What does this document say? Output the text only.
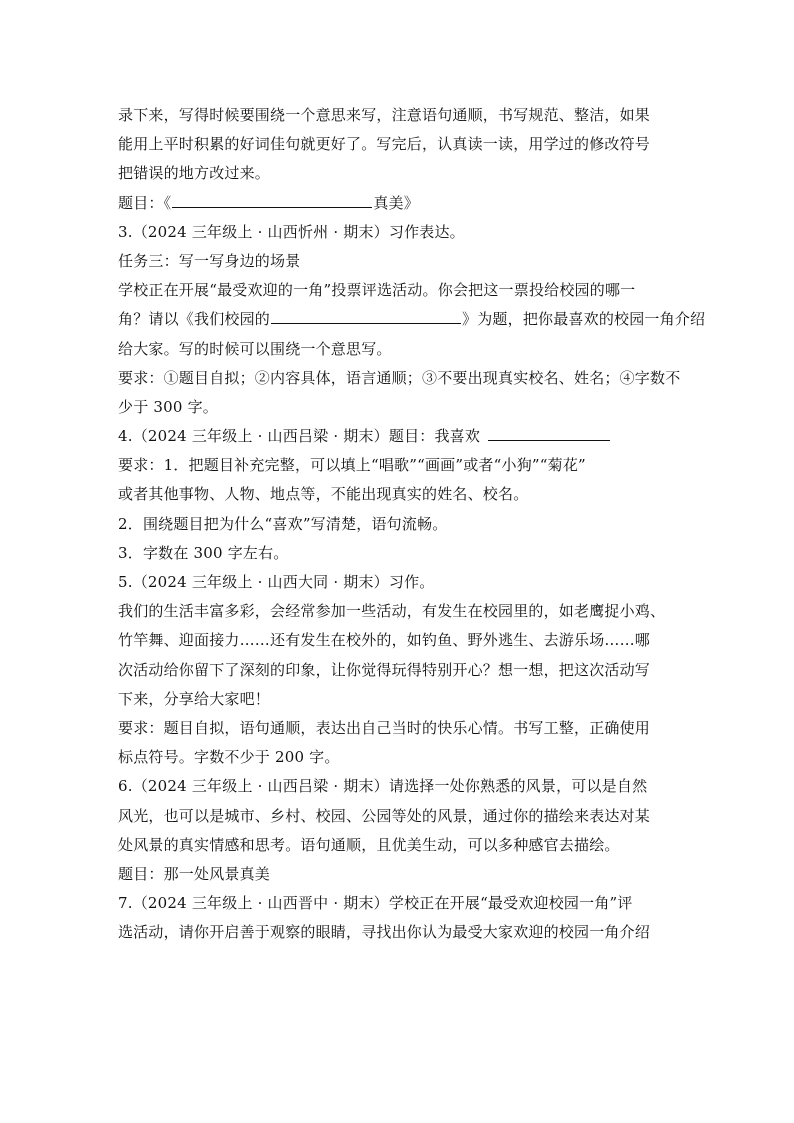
录下来，写得时候要围绕一个意思来写，注意语句通顺，书写规范、整洁，如果
能用上平时积累的好词佳句就更好了。写完后，认真读一读，用学过的修改符号
把错误的地方改过来。
题目：《	真美》
3.（2024 三年级上 · 山西忻州 · 期末）习作表达。
任务三：写一写身边的场景
学校正在开展“最受欢迎的一角”投票评选活动。你会把这一票投给校园的哪一
角？请以《我们校园的	》为题，把你最喜欢的校园一角介绍
给大家。写的时候可以围绕一个意思写。
要求：①题目自拟；②内容具体，语言通顺；③不要出现真实校名、姓名；④字数不
少于 300 字。
4.（2024 三年级上 · 山西吕梁 · 期末）题目：我喜欢
要求：1．把题目补充完整，可以填上“唱歌”“画画”或者“小狗”“菊花”
或者其他事物、人物、地点等，不能出现真实的姓名、校名。
2．围绕题目把为什么“喜欢”写清楚，语句流畅。
3．字数在 300 字左右。
5.（2024 三年级上 · 山西大同 · 期末）习作。
我们的生活丰富多彩，会经常参加一些活动，有发生在校园里的，如老鹰捉小鸡、
竹竿舞、迎面接力……还有发生在校外的，如钓鱼、野外逃生、去游乐场……哪
次活动给你留下了深刻的印象，让你觉得玩得特别开心？想一想，把这次活动写
下来，分享给大家吧！
要求：题目自拟，语句通顺，表达出自己当时的快乐心情。书写工整，正确使用
标点符号。字数不少于 200 字。
6.（2024 三年级上 · 山西吕梁 · 期末）请选择一处你熟悉的风景，可以是自然
风光，也可以是城市、乡村、校园、公园等处的风景，通过你的描绘来表达对某
处风景的真实情感和思考。语句通顺，且优美生动，可以多种感官去描绘。
题目：那一处风景真美
7.（2024 三年级上 · 山西晋中 · 期末）学校正在开展“最受欢迎校园一角”评
选活动，请你开启善于观察的眼睛，寻找出你认为最受大家欢迎的校园一角介绍
